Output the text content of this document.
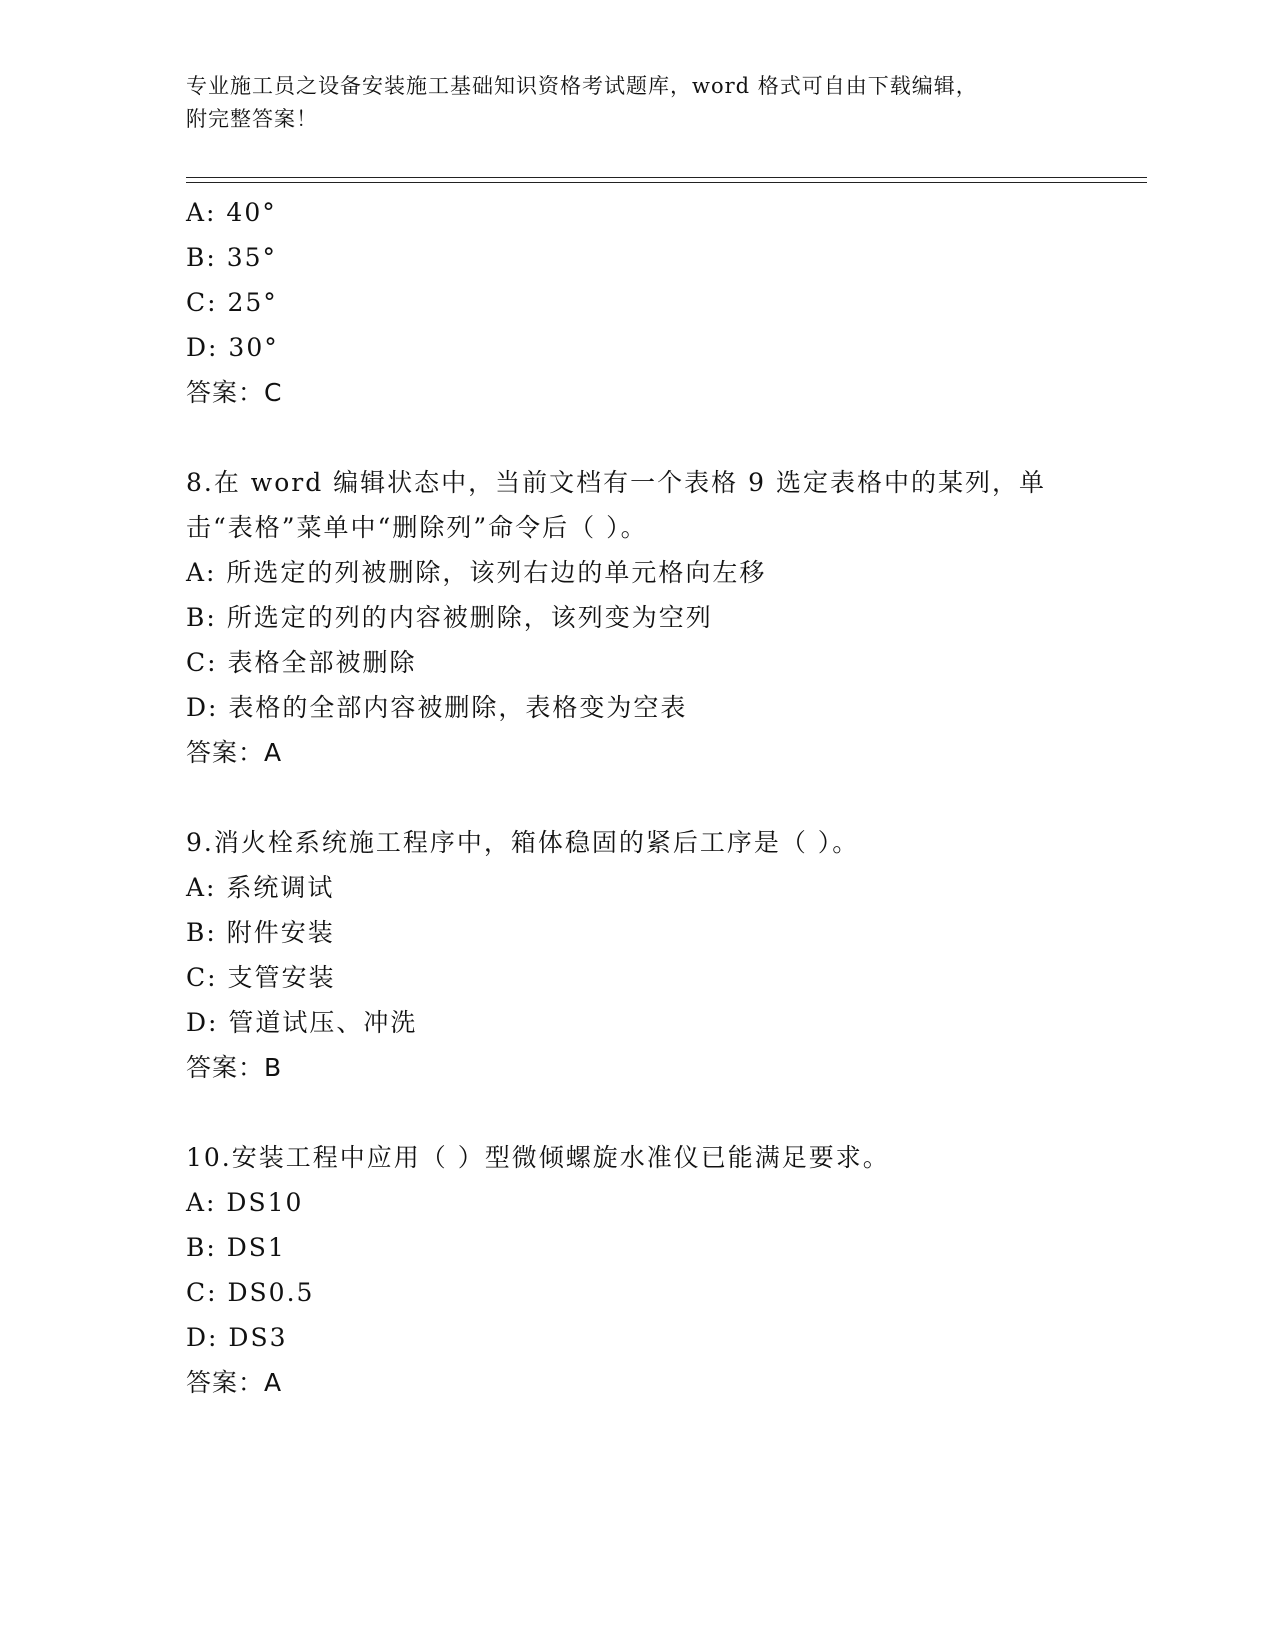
专业施工员之设备安装施工基础知识资格考试题库，word 格式可自由下载编辑，
附完整答案！
A: 40°
B: 35°
C: 25°
D: 30°
答案：C
8.在 word 编辑状态中，当前文档有一个表格 9 选定表格中的某列，单
击“表格”菜单中“删除列”命令后（ ）。
A: 所选定的列被删除，该列右边的单元格向左移
B: 所选定的列的内容被删除，该列变为空列
C: 表格全部被删除
D: 表格的全部内容被删除，表格变为空表
答案：A
9.消火栓系统施工程序中，箱体稳固的紧后工序是（ ）。
A: 系统调试
B: 附件安装
C: 支管安装
D: 管道试压、冲洗
答案：B
10.安装工程中应用（ ）型微倾螺旋水准仪已能满足要求。
A: DS10
B: DS1
C: DS0.5
D: DS3
答案：A
